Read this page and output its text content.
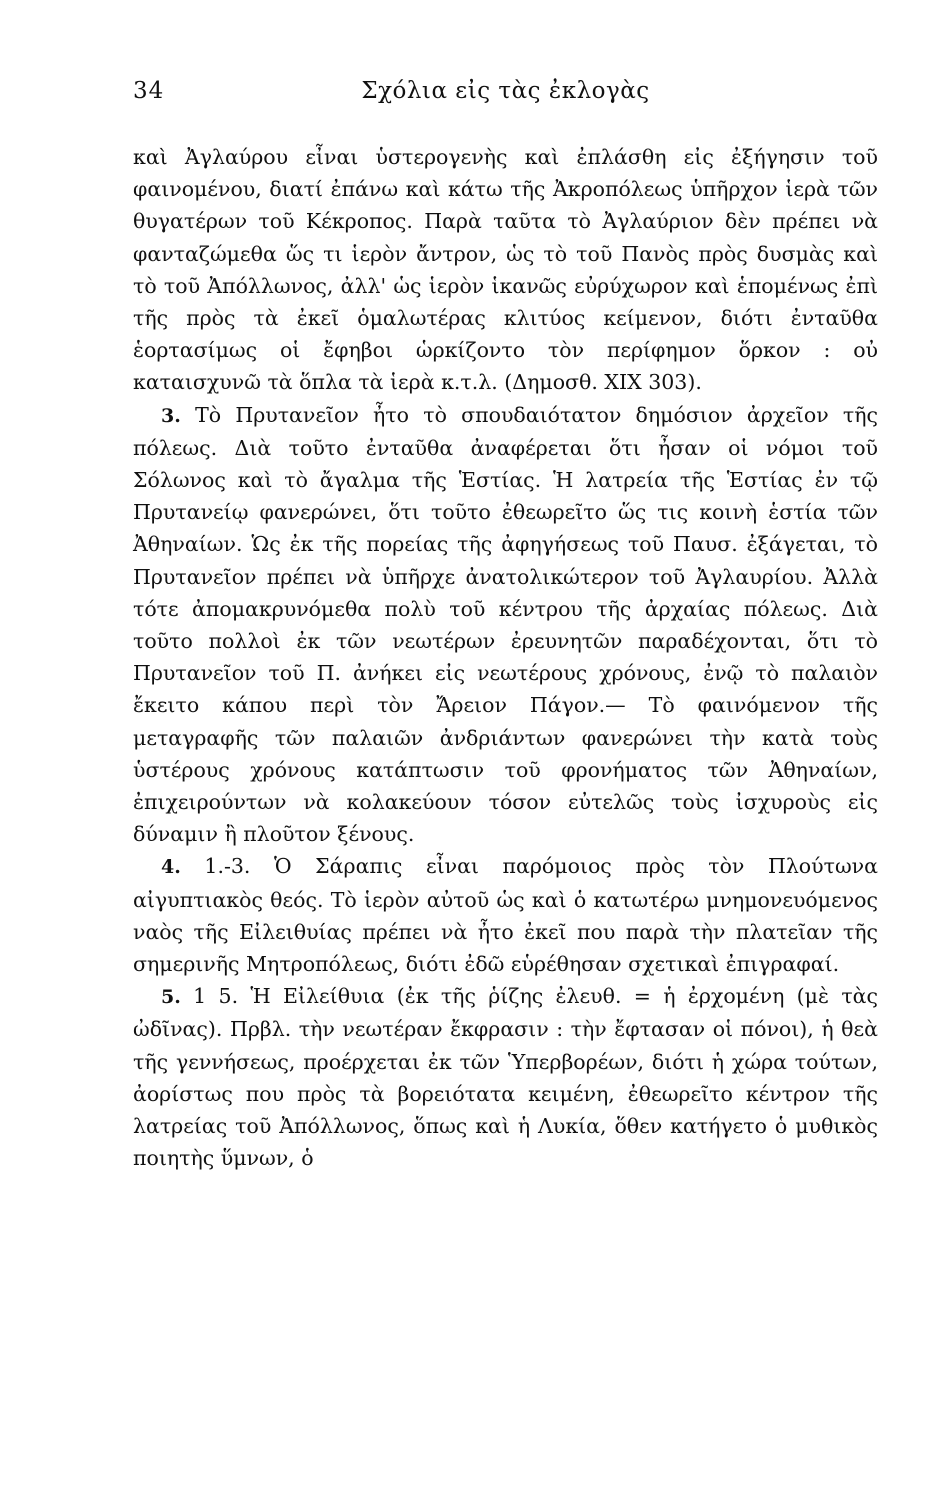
34	Σχόλια εἰς τὰς ἐκλογὰς

καὶ Ἀγλαύρου εἶναι ὑστερογενὴς καὶ ἐπλάσθη εἰς ἐξήγησιν τοῦ φαινομένου, διατί ἐπάνω καὶ κάτω τῆς Ἀκροπόλεως ὑπῆρχον ἱερὰ τῶν θυγατέρων τοῦ Κέκροπος. Παρὰ ταῦτα τὸ Ἀγλαύριον δὲν πρέπει νὰ φανταζώμεθα ὥς τι ἱερὸν ἄντρον, ὡς τὸ τοῦ Πανὸς πρὸς δυσμὰς καὶ τὸ τοῦ Ἀπόλλωνος, ἀλλ' ὡς ἱερὸν ἱκανῶς εὐρύχωρον καὶ ἑπομένως ἐπὶ τῆς πρὸς τὰ ἐκεῖ ὁμαλωτέρας κλιτύος κείμενον, διότι ἐνταῦθα ἑορτασίμως οἱ ἔφηβοι ὡρκίζοντο τὸν περίφημον ὅρκον : οὐ καταισχυνῶ τὰ ὅπλα τὰ ἱερὰ κ.τ.λ. (Δημοσθ. XIX 303).

3. Τὸ Πρυτανεῖον ἦτο τὸ σπουδαιότατον δημόσιον ἀρχεῖον τῆς πόλεως. Διὰ τοῦτο ἐνταῦθα ἀναφέρεται ὅτι ἦσαν οἱ νόμοι τοῦ Σόλωνος καὶ τὸ ἄγαλμα τῆς Ἑστίας. Ἡ λατρεία τῆς Ἑστίας ἐν τῷ Πρυτανείῳ φανερώνει, ὅτι τοῦτο ἐθεωρεῖτο ὥς τις κοινὴ ἑστία τῶν Ἀθηναίων. Ὡς ἐκ τῆς πορείας τῆς ἀφηγήσεως τοῦ Παυσ. ἐξάγεται, τὸ Πρυτανεῖον πρέπει νὰ ὑπῆρχε ἀνατολικώτερον τοῦ Ἀγλαυρίου. Ἀλλὰ τότε ἀπομακρυνόμεθα πολὺ τοῦ κέντρου τῆς ἀρχαίας πόλεως. Διὰ τοῦτο πολλοὶ ἐκ τῶν νεωτέρων ἐρευνητῶν παραδέχονται, ὅτι τὸ Πρυτανεῖον τοῦ Π. ἀνήκει εἰς νεωτέρους χρόνους, ἐνῷ τὸ παλαιὸν ἔκειτο κάπου περὶ τὸν Ἄρειον Πάγον.— Τὸ φαινόμενον τῆς μεταγραφῆς τῶν παλαιῶν ἀνδριάντων φανερώνει τὴν κατὰ τοὺς ὑστέρους χρόνους κατάπτωσιν τοῦ φρονήματος τῶν Ἀθηναίων, ἐπιχειρούντων νὰ κολακεύουν τόσον εὐτελῶς τοὺς ἰσχυροὺς εἰς δύναμιν ἢ πλοῦτον ξένους.

4. 1.-3. Ὁ Σάραπις εἶναι παρόμοιος πρὸς τὸν Πλούτωνα αἰγυπτιακὸς θεός. Τὸ ἱερὸν αὐτοῦ ὡς καὶ ὁ κατωτέρω μνημονευόμενος ναὸς τῆς Εἰλειθυίας πρέπει νὰ ἦτο ἐκεῖ που παρὰ τὴν πλατεῖαν τῆς σημερινῆς Μητροπόλεως, διότι ἐδῶ εὑρέθησαν σχετικαὶ ἐπιγραφαί.

5. 1 5. Ἡ Εἰλείθυια (ἐκ τῆς ῥίζης ἐλευθ. = ἡ ἐρχομένη (μὲ τὰς ὠδῖνας). Πρβλ. τὴν νεωτέραν ἔκφρασιν : τὴν ἔφτασαν οἱ πόνοι), ἡ θεὰ τῆς γεννήσεως, προέρχεται ἐκ τῶν Ὑπερβορέων, διότι ἡ χώρα τούτων, ἀορίστως που πρὸς τὰ βορειότατα κειμένη, ἐθεωρεῖτο κέντρον τῆς λατρείας τοῦ Ἀπόλλωνος, ὅπως καὶ ἡ Λυκία, ὅθεν κατήγετο ὁ μυθικὸς ποιητὴς ὕμνων, ὁ
